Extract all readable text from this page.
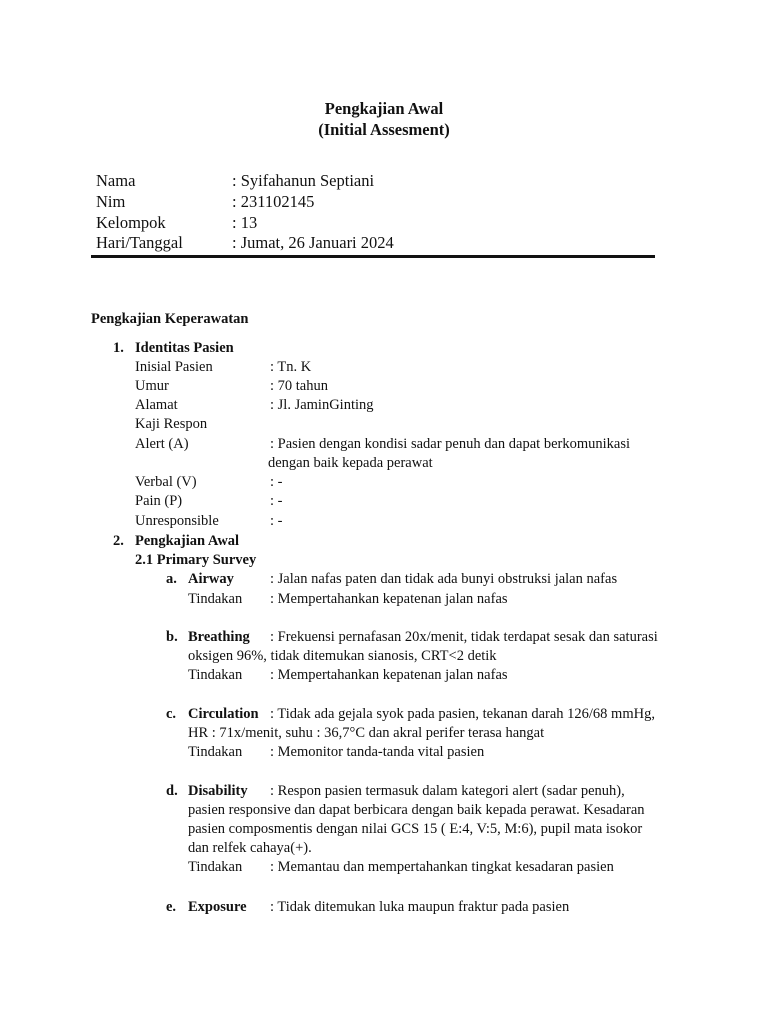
Pengkajian Awal
(Initial Assesment)
Nama	: Syifahanun Septiani
Nim	: 231102145
Kelompok	: 13
Hari/Tanggal	: Jumat, 26 Januari 2024
Pengkajian Keperawatan
1. Identitas Pasien
Inisial Pasien	: Tn. K
Umur	: 70 tahun
Alamat	: Jl. JaminGinting
Kaji Respon
Alert (A)	: Pasien dengan kondisi sadar penuh dan dapat berkomunikasi
dengan baik kepada perawat
Verbal (V)	: -
Pain (P)	: -
Unresponsible	: -
2. Pengkajian Awal
2.1 Primary Survey
a. Airway : Jalan nafas paten dan tidak ada bunyi obstruksi jalan nafas
Tindakan : Mempertahankan kepatenan jalan nafas
b. Breathing : Frekuensi pernafasan 20x/menit, tidak terdapat sesak dan saturasi
oksigen 96%, tidak ditemukan sianosis, CRT<2 detik
Tindakan : Mempertahankan kepatenan jalan nafas
c. Circulation : Tidak ada gejala syok pada pasien, tekanan darah 126/68 mmHg,
HR : 71x/menit, suhu : 36,7°C dan akral perifer terasa hangat
Tindakan : Memonitor tanda-tanda vital pasien
d. Disability : Respon pasien termasuk dalam kategori alert (sadar penuh),
pasien responsive dan dapat berbicara dengan baik kepada perawat. Kesadaran
pasien composmentis dengan nilai GCS 15 ( E:4, V:5, M:6), pupil mata isokor
dan relfek cahaya(+).
Tindakan : Memantau dan mempertahankan tingkat kesadaran pasien
e. Exposure : Tidak ditemukan luka maupun fraktur pada pasien
